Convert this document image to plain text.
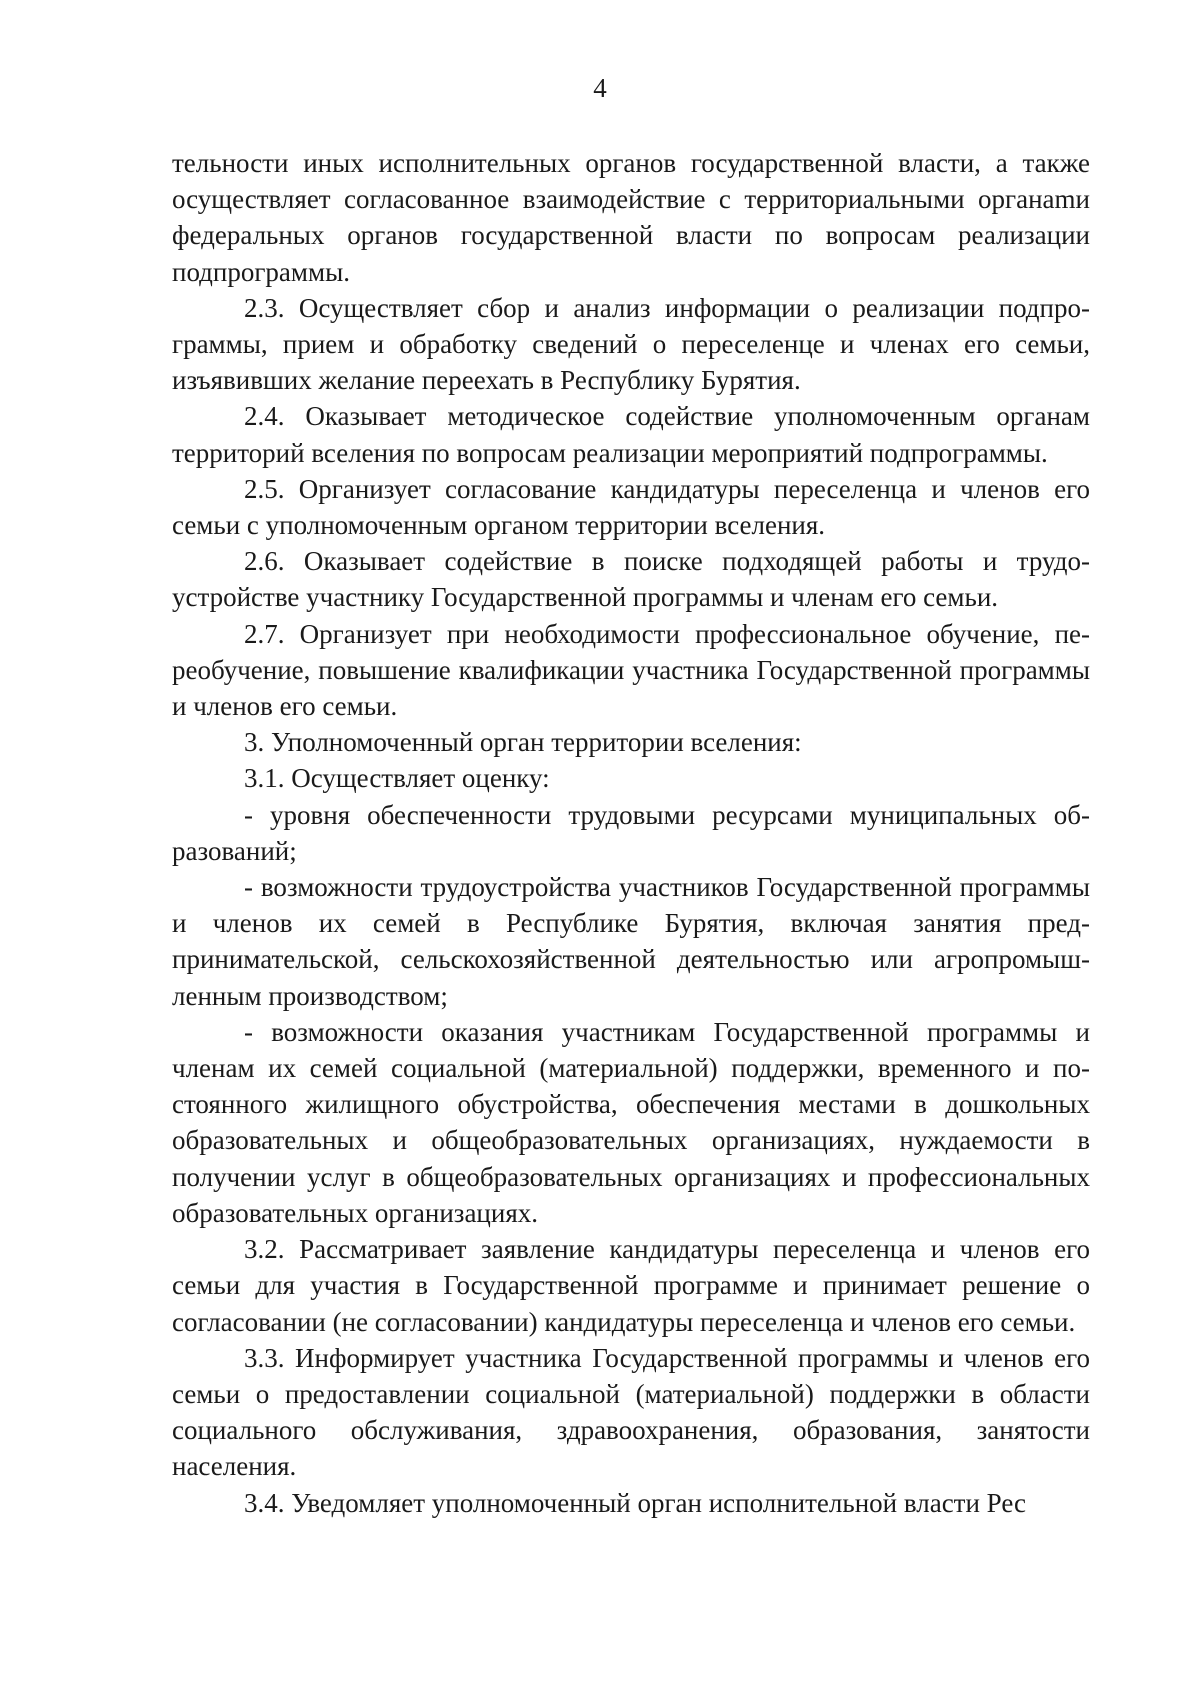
4

тельности иных исполнительных органов государственной власти, а также осуществляет согласованное взаимодействие с территориальными органаmи федеральных органов государственной власти по вопросам реализации подпрограммы.

2.3. Осуществляет сбор и анализ информации о реализации подпрограммы, прием и обработку сведений о переселенце и членах его семьи, изъявивших желание переехать в Республику Бурятия.

2.4. Оказывает методическое содействие уполномоченным органам территорий вселения по вопросам реализации мероприятий подпрограммы.

2.5. Организует согласование кандидатуры переселенца и членов его семьи с уполномоченным органом территории вселения.

2.6. Оказывает содействие в поиске подходящей работы и трудоустройстве участнику Государственной программы и членам его семьи.

2.7. Организует при необходимости профессиональное обучение, переобучение, повышение квалификации участника Государственной программы и членов его семьи.

3. Уполномоченный орган территории вселения:

3.1. Осуществляет оценку:

- уровня обеспеченности трудовыми ресурсами муниципальных образований;

- возможности трудоустройства участников Государственной программы и членов их семей в Республике Бурятия, включая занятия предпринимательской, сельскохозяйственной деятельностью или агропромышленным производством;

- возможности оказания участникам Государственной программы и членам их семей социальной (материальной) поддержки, временного и постоянного жилищного обустройства, обеспечения местами в дошкольных образовательных и общеобразовательных организациях, нуждаемости в получении услуг в общеобразовательных организациях и профессиональных образовательных организациях.

3.2. Рассматривает заявление кандидатуры переселенца и членов его семьи для участия в Государственной программе и принимает решение о согласовании (не согласовании) кандидатуры переселенца и членов его семьи.

3.3. Информирует участника Государственной программы и членов его семьи о предоставлении социальной (материальной) поддержки в области социального обслуживания, здравоохранения, образования, занятости населения.

3.4. Уведомляет уполномоченный орган исполнительной власти Рес
